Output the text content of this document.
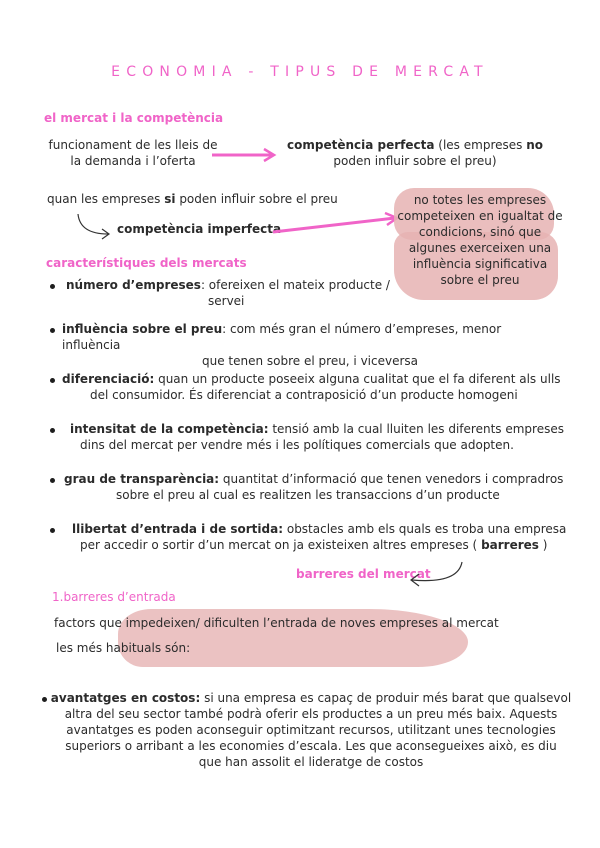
ECONOMIA - TIPUS DE MERCAT
el mercat i la competència
funcionament de les lleis de
la demanda i l’oferta
competència perfecta (les empreses no
poden influir sobre el preu)
quan les empreses si poden influir sobre el preu
competència imperfecta
no totes les empreses
competeixen en igualtat de
condicions, sinó que
algunes exerceixen una
influència significativa
sobre el preu
característiques dels mercats
número d’empreses: ofereixen el mateix producte /
servei
influència sobre el preu: com més gran el número d’empreses, menor influència
que tenen sobre el preu, i viceversa
diferenciació: quan un producte poseeix alguna cualitat que el fa diferent als ulls
del consumidor. És diferenciat a contraposició d’un producte homogeni
intensitat de la competència: tensió amb la cual lluiten les diferents empreses
dins del mercat per vendre més i les polítiques comercials que adopten.
grau de transparència: quantitat d’informació que tenen venedors i compradros
sobre el preu al cual es realitzen les transaccions d’un producte
llibertat d’entrada i de sortida: obstacles amb els quals es troba una empresa
per accedir o sortir d’un mercat on ja existeixen altres empreses ( barreres )
barreres del mercat
1.barreres d’entrada
factors que impedeixen/ dificulten l’entrada de noves empreses al mercat
les més habituals són:
avantatges en costos: si una empresa es capaç de produir més barat que qualsevol
altra del seu sector també podrà oferir els productes a un preu més baix. Aquests
avantatges es poden aconseguir optimitzant recursos, utilitzant unes tecnologies
superiors o arribant a les economies d’escala. Les que aconsegueixes això, es diu
que han assolit el lideratge de costos
